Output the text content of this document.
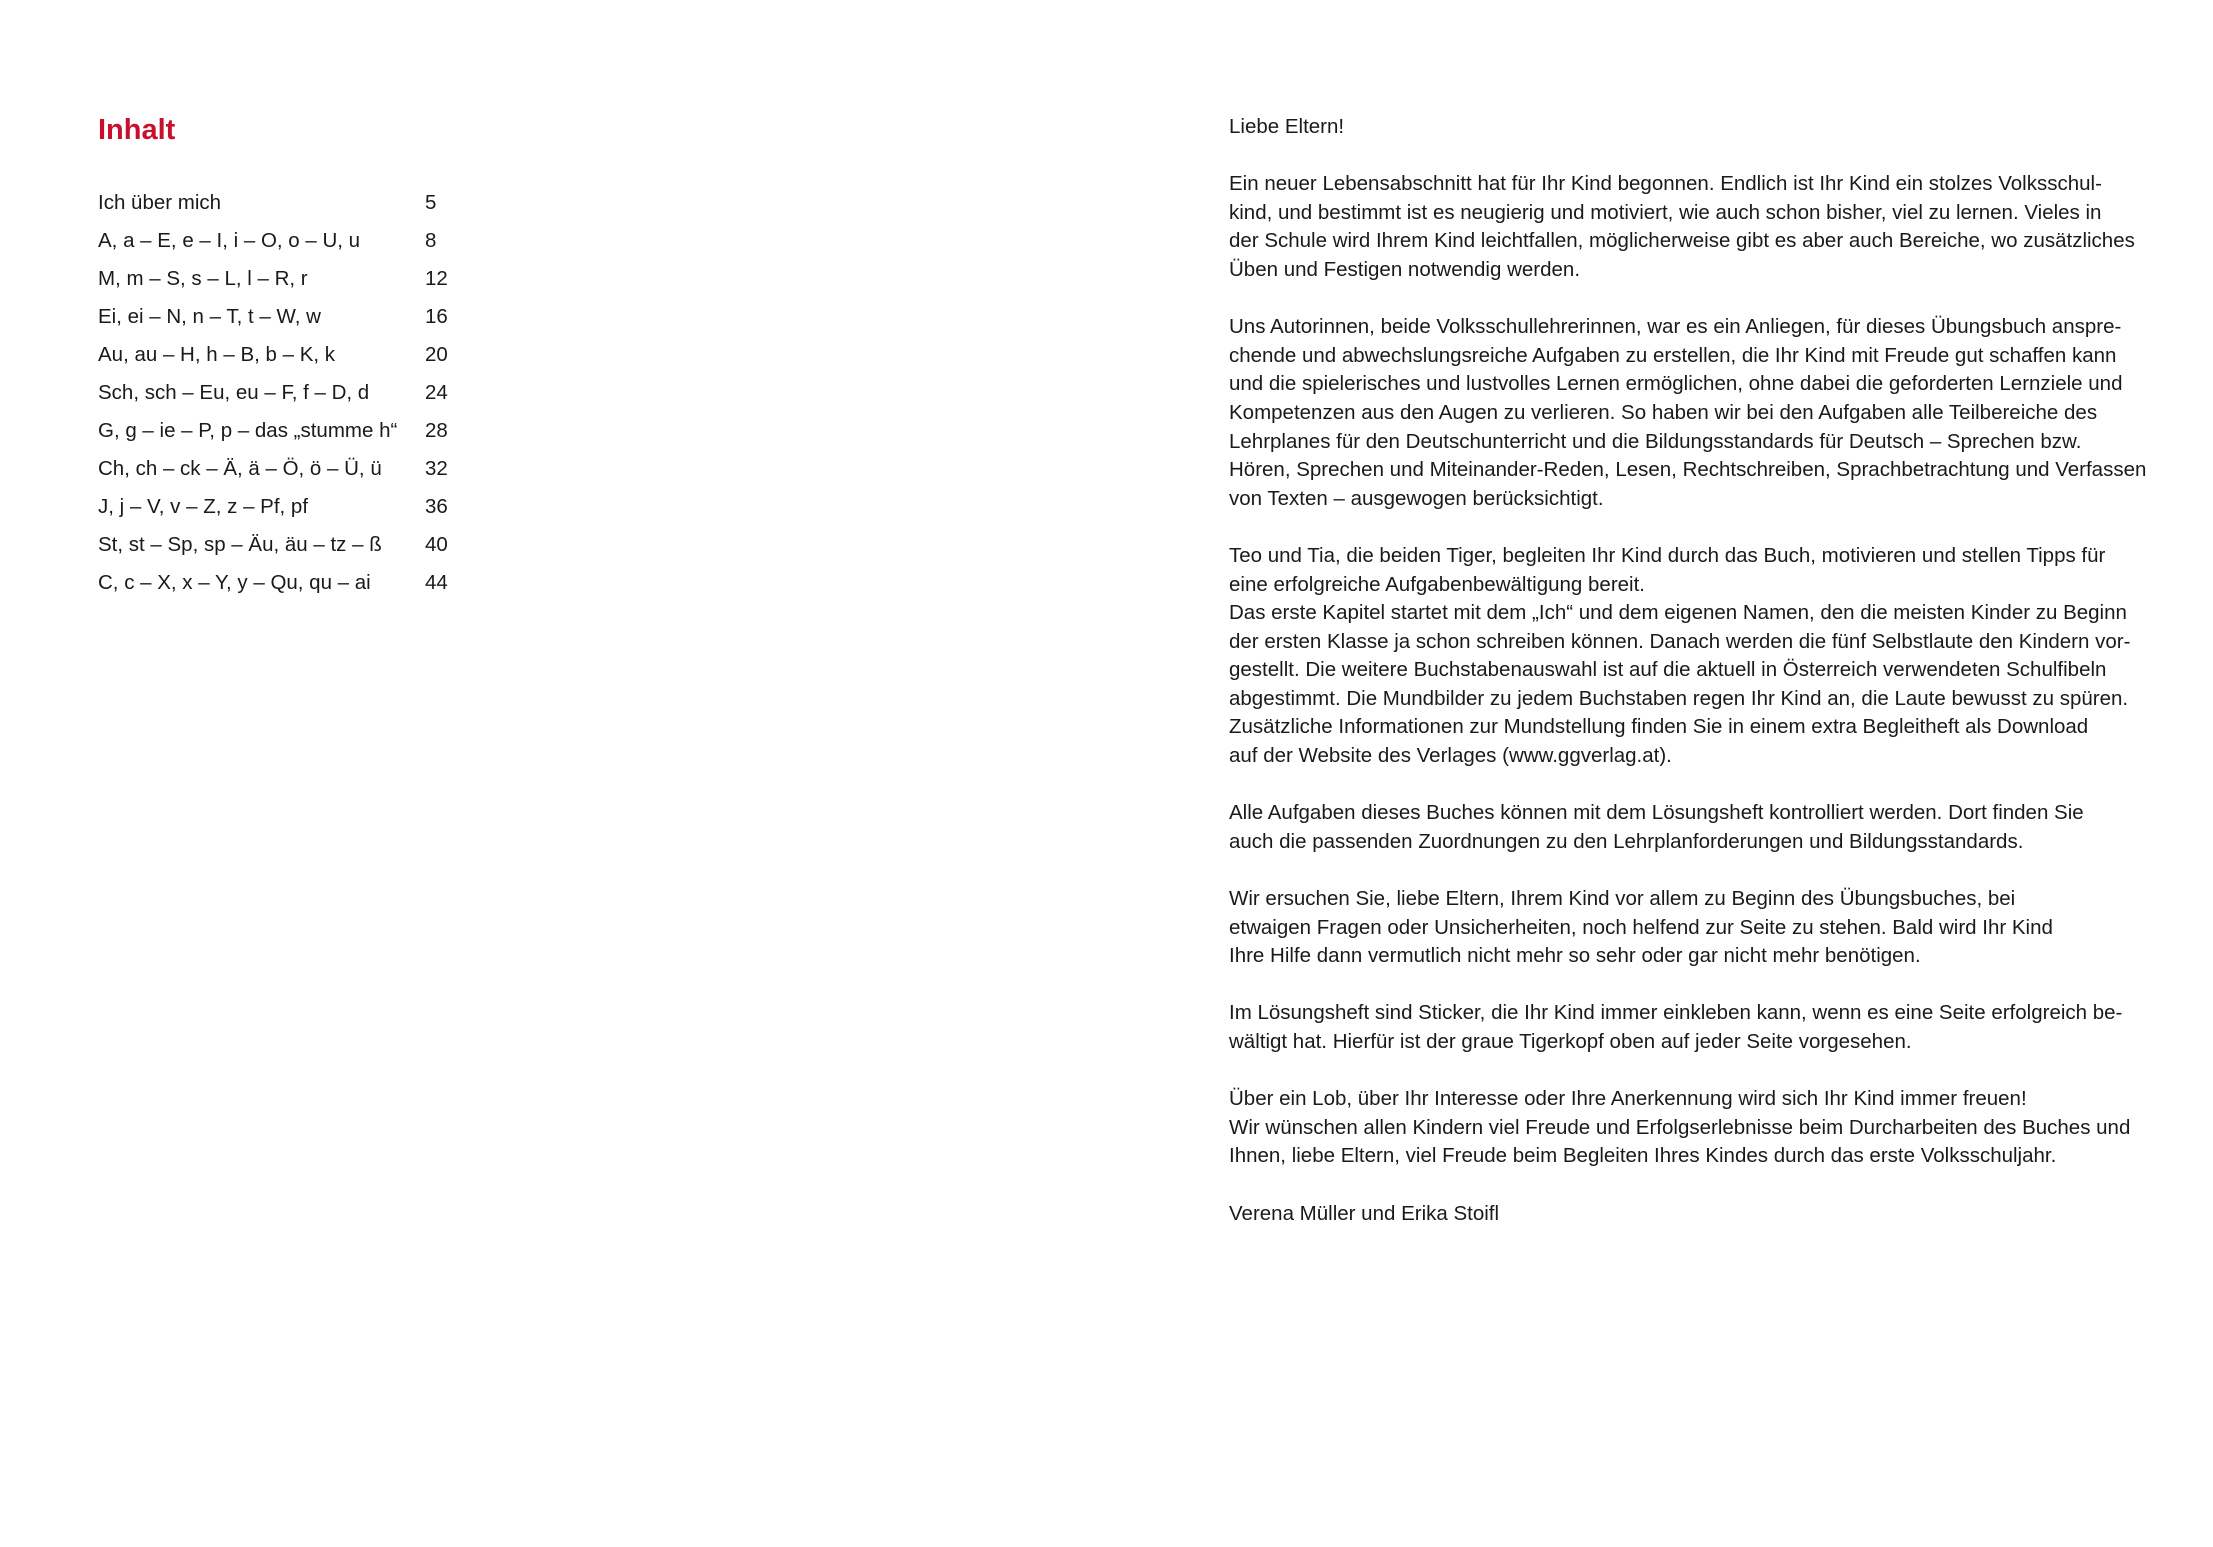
Inhalt
Ich über mich	5
A, a – E, e – I, i – O, o – U, u	8
M, m – S, s – L, l – R, r	12
Ei, ei – N, n – T, t – W, w	16
Au, au – H, h – B, b – K, k	20
Sch, sch – Eu, eu – F, f – D, d	24
G, g – ie – P, p – das „stumme h“	28
Ch, ch – ck – Ä, ä – Ö, ö – Ü, ü	32
J, j – V, v – Z, z – Pf, pf	36
St, st – Sp, sp – Äu, äu – tz – ß	40
C, c – X, x – Y, y – Qu, qu – ai	44

Liebe Eltern!

Ein neuer Lebensabschnitt hat für Ihr Kind begonnen. Endlich ist Ihr Kind ein stolzes Volksschul-
kind, und bestimmt ist es neugierig und motiviert, wie auch schon bisher, viel zu lernen. Vieles in
der Schule wird Ihrem Kind leichtfallen, möglicherweise gibt es aber auch Bereiche, wo zusätzliches
Üben und Festigen notwendig werden.

Uns Autorinnen, beide Volksschullehrerinnen, war es ein Anliegen, für dieses Übungsbuch anspre-
chende und abwechslungsreiche Aufgaben zu erstellen, die Ihr Kind mit Freude gut schaffen kann
und die spielerisches und lustvolles Lernen ermöglichen, ohne dabei die geforderten Lernziele und
Kompetenzen aus den Augen zu verlieren. So haben wir bei den Aufgaben alle Teilbereiche des
Lehrplanes für den Deutschunterricht und die Bildungsstandards für Deutsch – Sprechen bzw.
Hören, Sprechen und Miteinander-Reden, Lesen, Rechtschreiben, Sprachbetrachtung und Verfassen
von Texten – ausgewogen berücksichtigt.

Teo und Tia, die beiden Tiger, begleiten Ihr Kind durch das Buch, motivieren und stellen Tipps für
eine erfolgreiche Aufgabenbewältigung bereit.
Das erste Kapitel startet mit dem „Ich“ und dem eigenen Namen, den die meisten Kinder zu Beginn
der ersten Klasse ja schon schreiben können. Danach werden die fünf Selbstlaute den Kindern vor-
gestellt. Die weitere Buchstabenauswahl ist auf die aktuell in Österreich verwendeten Schulfibeln
abgestimmt. Die Mundbilder zu jedem Buchstaben regen Ihr Kind an, die Laute bewusst zu spüren.
Zusätzliche Informationen zur Mundstellung finden Sie in einem extra Begleitheft als Download
auf der Website des Verlages (www.ggverlag.at).

Alle Aufgaben dieses Buches können mit dem Lösungsheft kontrolliert werden. Dort finden Sie
auch die passenden Zuordnungen zu den Lehrplanforderungen und Bildungsstandards.

Wir ersuchen Sie, liebe Eltern, Ihrem Kind vor allem zu Beginn des Übungsbuches, bei
etwaigen Fragen oder Unsicherheiten, noch helfend zur Seite zu stehen. Bald wird Ihr Kind
Ihre Hilfe dann vermutlich nicht mehr so sehr oder gar nicht mehr benötigen.

Im Lösungsheft sind Sticker, die Ihr Kind immer einkleben kann, wenn es eine Seite erfolgreich be-
wältigt hat. Hierfür ist der graue Tigerkopf oben auf jeder Seite vorgesehen.

Über ein Lob, über Ihr Interesse oder Ihre Anerkennung wird sich Ihr Kind immer freuen!
Wir wünschen allen Kindern viel Freude und Erfolgserlebnisse beim Durcharbeiten des Buches und
Ihnen, liebe Eltern, viel Freude beim Begleiten Ihres Kindes durch das erste Volksschuljahr.

Verena Müller und Erika Stoifl
